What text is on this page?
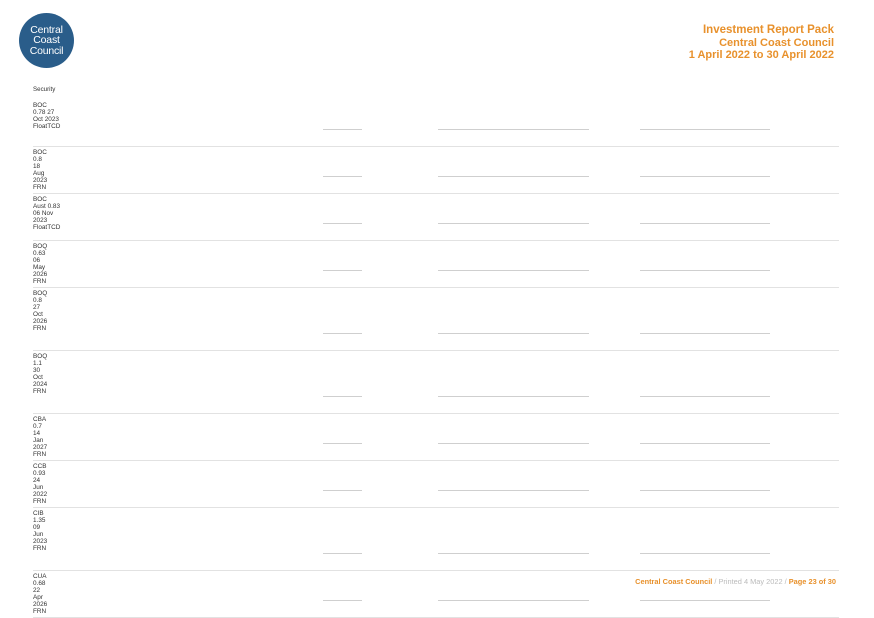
Central
Coast
Council
Investment Report Pack
Central Coast Council
1 April 2022 to 30 April 2022
Security
BOC 0.78 27 Oct 2023 FloatTCD
BOC 0.8 18 Aug 2023 FRN
BOC Aust 0.83 06 Nov 2023 FloatTCD
BOQ 0.63 06 May 2026 FRN
BOQ 0.8 27 Oct 2026 FRN
BOQ 1.1 30 Oct 2024 FRN
CBA 0.7 14 Jan 2027 FRN
CCB 0.93 24 Jun 2022 FRN
CIB 1.35 09 Jun 2023 FRN
CUA 0.68 22 Apr 2026 FRN
Central Coast Council / Printed 4 May 2022 / Page 23 of 30
